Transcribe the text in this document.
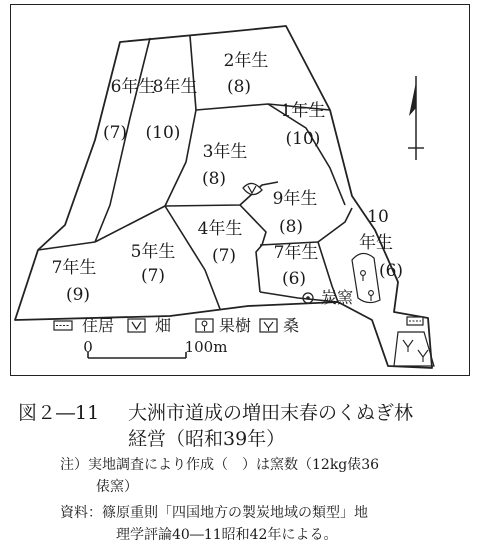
6年生
(7)
8年生
(10)
2年生
(8)
1年生
(10)
3年生
(8)
9年生
(8)
4年生
(7)
5年生
(7)
7年生
(9)
7年生
(6)
10
年生
(6)
炭窯
住居	畑	果樹 桑
0	100m
図２―11 大洲市道成の増田末春のくぬぎ林
経営（昭和39年）
注）実地調査により作成（　）は窯数（12kg俵36
俵窯）
資料：篠原重則「四国地方の製炭地域の類型」地
理学評論40―11昭和42年による。
